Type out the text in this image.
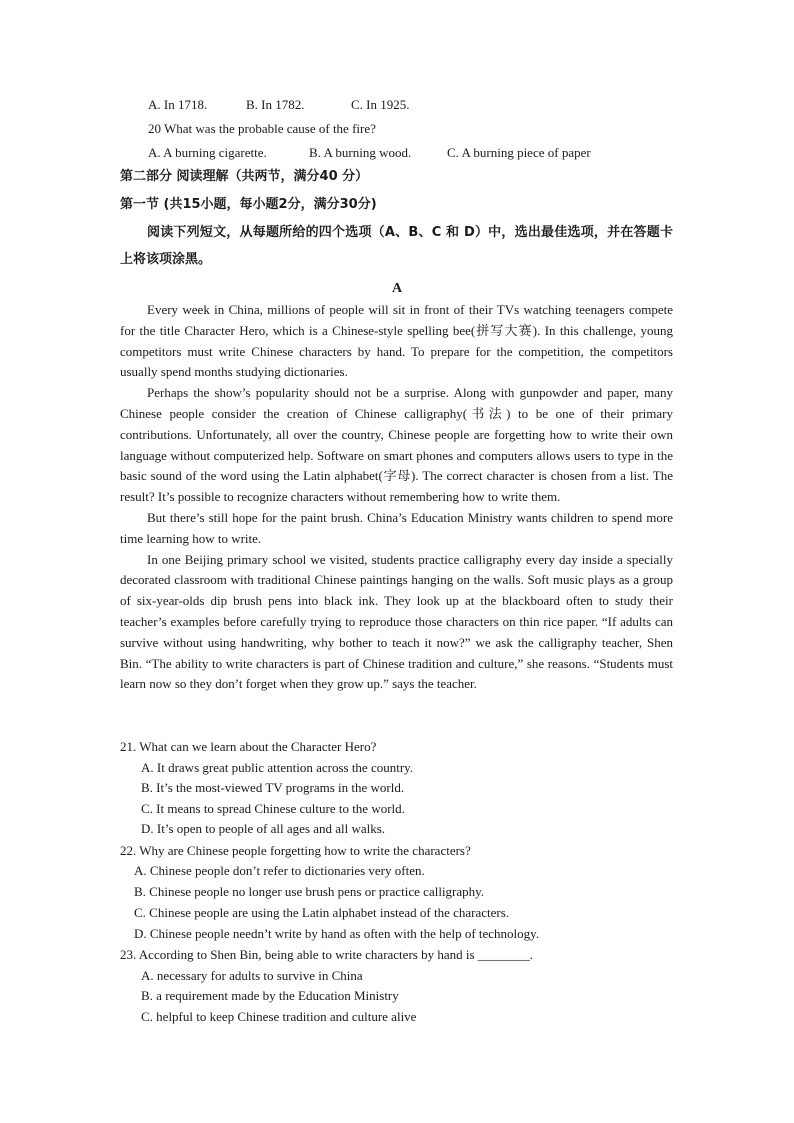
A. In 1718.	B. In 1782.	C. In 1925.
20 What was the probable cause of the fire?
A. A burning cigarette.	B. A burning wood.	C. A burning piece of paper
第二部分 阅读理解（共两节，满分40 分）
第一节 (共15小题，每小题2分，满分30分)
阅读下列短文，从每题所给的四个选项（A、B、C 和 D）中，选出最佳选项，并在答题卡上将该项涂黑。
A

Every week in China, millions of people will sit in front of their TVs watching teenagers compete for the title Character Hero, which is a Chinese-style spelling bee(拼写大赛). In this challenge, young competitors must write Chinese characters by hand. To prepare for the competition, the competitors usually spend months studying dictionaries.

Perhaps the show’s popularity should not be a surprise. Along with gunpowder and paper, many Chinese people consider the creation of Chinese calligraphy(书法) to be one of their primary contributions. Unfortunately, all over the country, Chinese people are forgetting how to write their own language without computerized help. Software on smart phones and computers allows users to type in the basic sound of the word using the Latin alphabet(字母). The correct character is chosen from a list. The result? It’s possible to recognize characters without remembering how to write them.

But there’s still hope for the paint brush. China’s Education Ministry wants children to spend more time learning how to write.

In one Beijing primary school we visited, students practice calligraphy every day inside a specially decorated classroom with traditional Chinese paintings hanging on the walls. Soft music plays as a group of six-year-olds dip brush pens into black ink. They look up at the blackboard often to study their teacher’s examples before carefully trying to reproduce those characters on thin rice paper. “If adults can survive without using handwriting, why bother to teach it now?” we ask the calligraphy teacher, Shen Bin. “The ability to write characters is part of Chinese tradition and culture,” she reasons. “Students must learn now so they don’t forget when they grow up.” says the teacher.

21. What can we learn about the Character Hero?
A. It draws great public attention across the country.
B. It’s the most-viewed TV programs in the world.
C. It means to spread Chinese culture to the world.
D. It’s open to people of all ages and all walks.
22. Why are Chinese people forgetting how to write the characters?
A. Chinese people don’t refer to dictionaries very often.
B. Chinese people no longer use brush pens or practice calligraphy.
C. Chinese people are using the Latin alphabet instead of the characters.
D. Chinese people needn’t write by hand as often with the help of technology.
23. According to Shen Bin, being able to write characters by hand is ________.
A. necessary for adults to survive in China
B. a requirement made by the Education Ministry
C. helpful to keep Chinese tradition and culture alive
